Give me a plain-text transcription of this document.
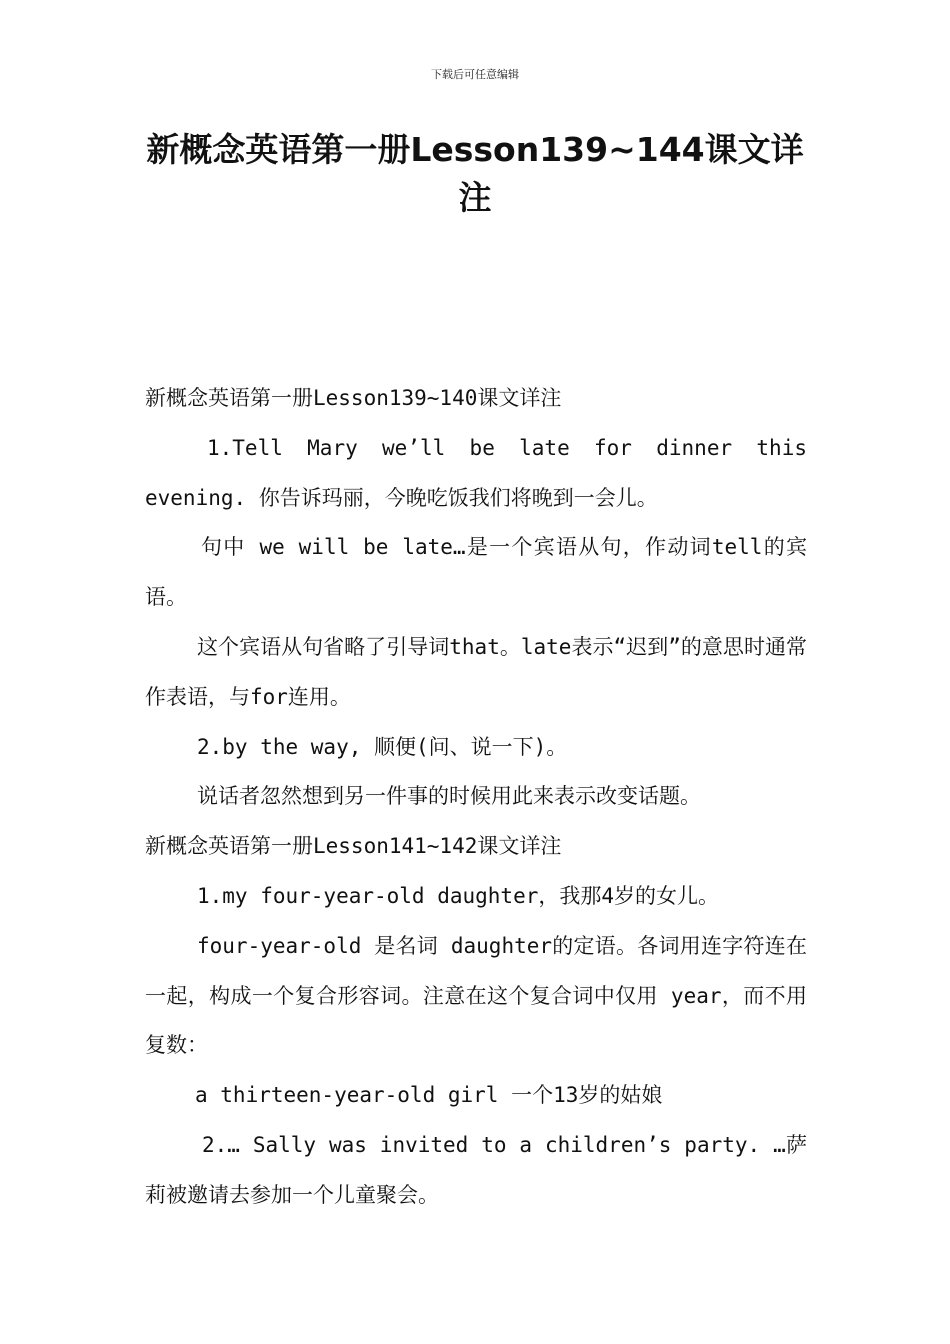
下载后可任意编辑
新概念英语第一册Lesson139~144课文详注

新概念英语第一册Lesson139~140课文详注

1.Tell Mary we’ll be late for dinner this evening. 你告诉玛丽，今晚吃饭我们将晚到一会儿。

句中 we will be late…是一个宾语从句，作动词tell的宾语。

这个宾语从句省略了引导词that。late表示“迟到”的意思时通常作表语，与for连用。

2.by the way, 顺便(问、说一下)。

说话者忽然想到另一件事的时候用此来表示改变话题。

新概念英语第一册Lesson141~142课文详注

1.my four-year-old daughter，我那4岁的女儿。

four-year-old 是名词 daughter的定语。各词用连字符连在一起，构成一个复合形容词。注意在这个复合词中仅用 year，而不用复数：

a thirteen-year-old girl 一个13岁的姑娘

2.… Sally was invited to a children’s party. …萨莉被邀请去参加一个儿童聚会。
